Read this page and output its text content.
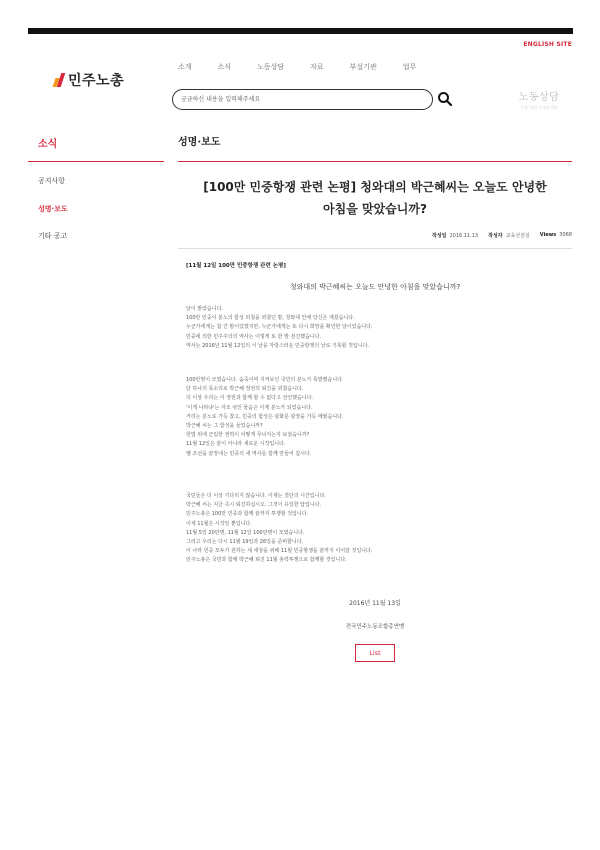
ENGLISH SITE
민주노총
소개	소식	노동상담	자료	부설기관	업무
궁금하신 내용을 입력해주세요	노동상담
무료 상담 신청하세요
소식
공지사항
성명·보도
기타 공고
성명·보도
[100만 민중항쟁 관련 논평] 청와대의 박근혜씨는 오늘도 안녕한
아침을 맞았습니까?
작성일 2016.11.13 작성자 교육선전실 Views 3068
[11월 12일 100만 민중항쟁 관련 논평]
청와대의 박근혜씨는 오늘도 안녕한 아침을 맞았습니까?
날이 밝았습니다.
100만 민중이 분노의 함성 외침을 외쳤던 밤, 청와대 안에 당신은 계셨습니다.
누군가에게는 참 긴 밤이었겠지만, 누군가에게는 또 다시 희망을 확인한 날이었습니다.
민중에 의한 민주주의의 역사는 이렇게 또 한 발 전진했습니다.
역사는 2016년 11월 12일의 이 날을 자랑스러운 민중항쟁의 날로 기록할 것입니다.
100만명이 모였습니다. 숨죽이며 지켜보던 국민의 분노가 폭발했습니다.
단 하나의 목소리로 박근혜 정권의 퇴진을 외쳤습니다.
더 이상 우리는 이 정권과 함께 할 수 없다고 선언했습니다.
'이게 나라냐'는 자조 섞인 물음은 이제 분노가 되었습니다.
거리는 분노로 가득 찼고, 민중의 함성은 광화문 광장을 가득 메웠습니다.
박근혜 씨는 그 함성을 들었습니까?
헌법 위에 군림한 권력이 어떻게 무너지는지 보셨습니까?
11월 12일은 끝이 아니라 새로운 시작입니다.
헬 조선을 끝장내는 민중의 새 역사를 함께 만들어 갑시다.
국민들은 더 이상 기다리지 않습니다. 이제는 결단의 시간입니다.
박근혜 씨는 지금 즉시 퇴진하십시오. 그것이 유일한 답입니다.
민주노총은 100만 민중과 함께 끝까지 투쟁할 것입니다.
이제 11월은 시작일 뿐입니다.
11월 5일 20만명, 11월 12일 100만명이 모였습니다.
그러고 우리는 다시 11월 19일과 26일을 준비합니다.
이 나라 민중 모두가 원하는 새 세상을 위해 11월 민중항쟁을 끝까지 이어갈 것입니다.
민주노총은 국민과 함께 박근혜 퇴진 11월 총력투쟁으로 함께할 것입니다.
2016년 11월 13일
전국민주노동조합총연맹
List
